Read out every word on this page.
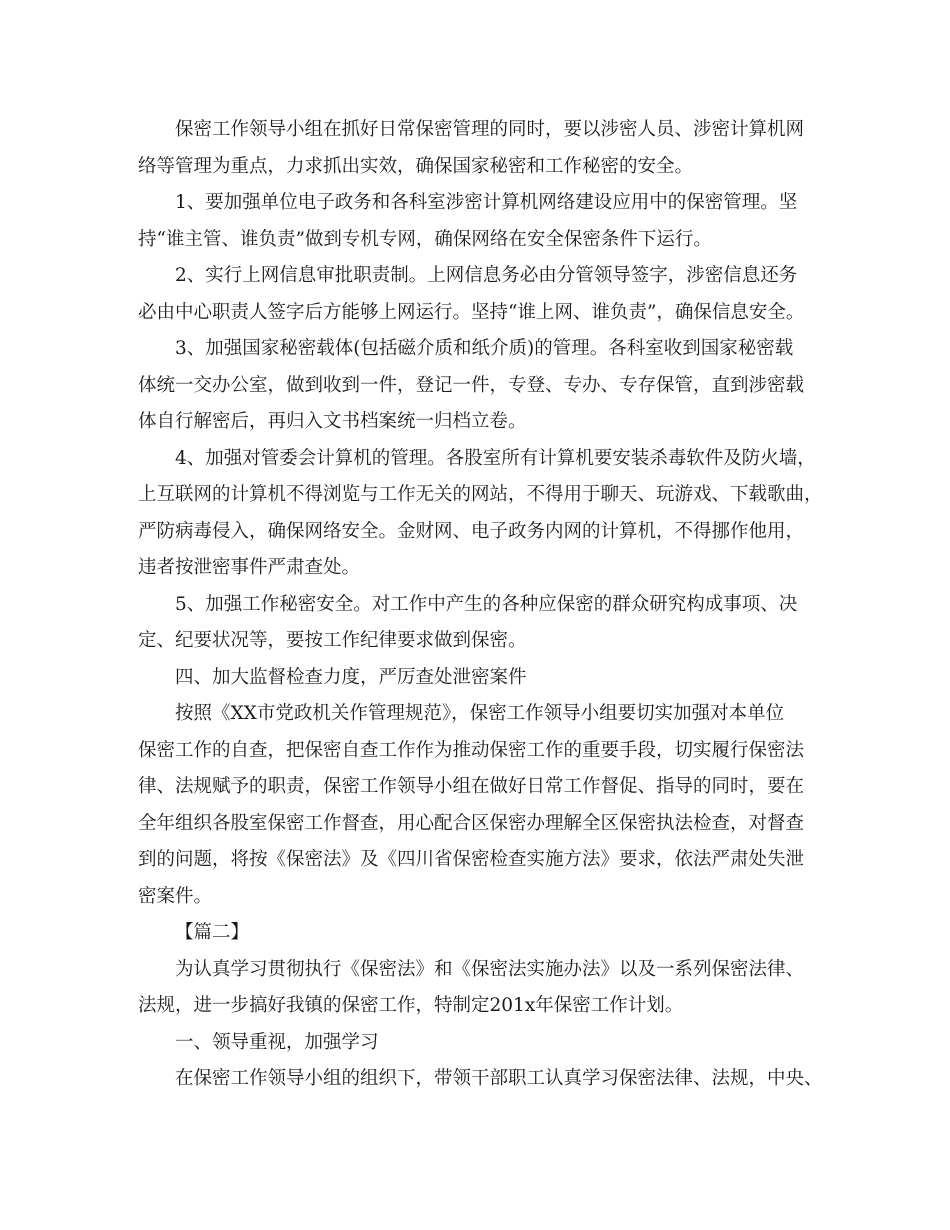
保密工作领导小组在抓好日常保密管理的同时，要以涉密人员、涉密计算机网
络等管理为重点，力求抓出实效，确保国家秘密和工作秘密的安全。

1、要加强单位电子政务和各科室涉密计算机网络建设应用中的保密管理。坚
持“谁主管、谁负责”做到专机专网，确保网络在安全保密条件下运行。

2、实行上网信息审批职责制。上网信息务必由分管领导签字，涉密信息还务
必由中心职责人签字后方能够上网运行。坚持“谁上网、谁负责”，确保信息安全。

3、加强国家秘密载体(包括磁介质和纸介质)的管理。各科室收到国家秘密载
体统一交办公室，做到收到一件，登记一件，专登、专办、专存保管，直到涉密载
体自行解密后，再归入文书档案统一归档立卷。

4、加强对管委会计算机的管理。各股室所有计算机要安装杀毒软件及防火墙，
上互联网的计算机不得浏览与工作无关的网站，不得用于聊天、玩游戏、下载歌曲，
严防病毒侵入，确保网络安全。金财网、电子政务内网的计算机，不得挪作他用，
违者按泄密事件严肃查处。

5、加强工作秘密安全。对工作中产生的各种应保密的群众研究构成事项、决
定、纪要状况等，要按工作纪律要求做到保密。

四、加大监督检查力度，严厉查处泄密案件

按照《XX市党政机关作管理规范》，保密工作领导小组要切实加强对本单位
保密工作的自查，把保密自查工作作为推动保密工作的重要手段，切实履行保密法
律、法规赋予的职责，保密工作领导小组在做好日常工作督促、指导的同时，要在
全年组织各股室保密工作督查，用心配合区保密办理解全区保密执法检查，对督查
到的问题，将按《保密法》及《四川省保密检查实施方法》要求，依法严肃处失泄
密案件。

【篇二】

为认真学习贯彻执行《保密法》和《保密法实施办法》以及一系列保密法律、
法规，进一步搞好我镇的保密工作，特制定201x年保密工作计划。

一、领导重视，加强学习

在保密工作领导小组的组织下，带领干部职工认真学习保密法律、法规，中央、
